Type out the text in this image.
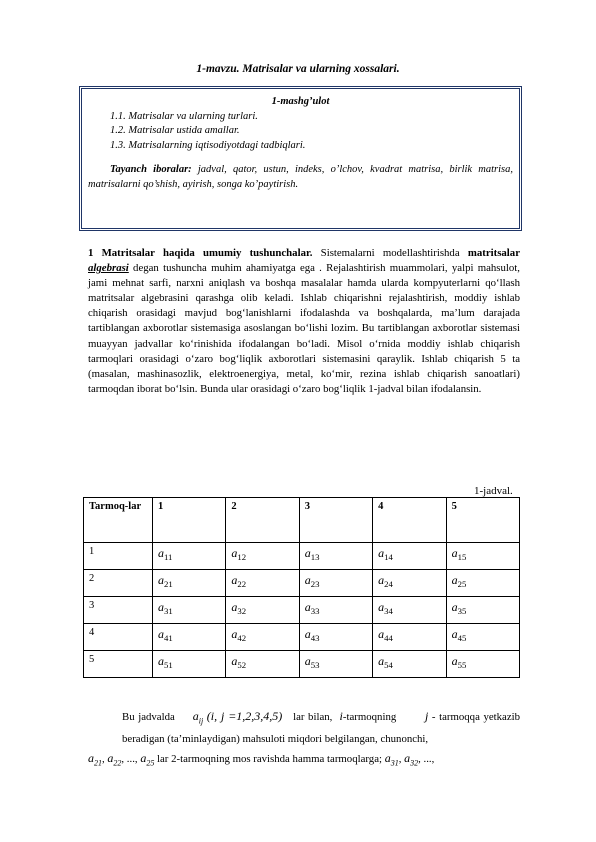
1-mavzu. Matrisalar va ularning xossalari.
1-mashg’ulot
1.1. Matrisalar va ularning turlari.
1.2. Matrisalar ustida amallar.
1.3. Matrisalarning iqtisodiyotdagi tadbiqlari.
Tayanch iboralar: jadval, qator, ustun, indeks, o’lchov, kvadrat matrisa, birlik matrisa, matrisalarni qo’shish, ayirish, songa ko’paytirish.
1 Matritsalar haqida umumiy tushunchalar. Sistemalarni modellashtirishda matritsalar algebrasi degan tushuncha muhim ahamiyatga ega . Rejalashtirish muammolari, yalpi mahsulot, jami mehnat sarfi, narxni aniqlash va boshqa masalalar hamda ularda kompyuterlarni qo‘llash matritsalar algebrasini qarashga olib keladi. Ishlab chiqarishni rejalashtirish, moddiy ishlab chiqarish orasidagi mavjud bog‘lanishlarni ifodalashda va boshqalarda, ma’lum darajada tartiblangan axborotlar sistemasiga asoslangan bo‘lishi lozim. Bu tartiblangan axborotlar sistemasi muayyan jadvallar ko‘rinishida ifodalangan bo‘ladi. Misol o‘rnida moddiy ishlab chiqarish tarmoqlari orasidagi o‘zaro bog‘liqlik axborotlari sistemasini qaraylik. Ishlab chiqarish 5 ta (masalan, mashinasozlik, elektroenergiya, metal, ko‘mir, rezina ishlab chiqarish sanoatlari) tarmoqdan iborat bo‘lsin. Bunda ular orasidagi o‘zaro bog‘liqlik 1-jadval bilan ifodalansin.
1-jadval.
Tarmoq-lar	1	2	3	4	5
1	$a_{11}$	$a_{12}$	$a_{13}$	$a_{14}$	$a_{15}$
2	$a_{21}$	$a_{22}$	$a_{23}$	$a_{24}$	$a_{25}$
3	$a_{31}$	$a_{32}$	$a_{33}$	$a_{34}$	$a_{35}$
4	$a_{41}$	$a_{42}$	$a_{43}$	$a_{44}$	$a_{45}$
5	$a_{51}$	$a_{52}$	$a_{53}$	$a_{54}$	$a_{55}$
Bu jadvalda $a_{ij}$ (i, j =1,2,3,4,5) lar bilan, i-tarmoqning j - tarmoqqa yetkazib beradigan (ta’minlaydigan) mahsuloti miqdori belgilangan, chunonchi,
$a_{21}$, $a_{22}$, ..., $a_{25}$ lar 2-tarmoqning mos ravishda hamma tarmoqlarga; $a_{31}$, $a_{32}$, ...,
